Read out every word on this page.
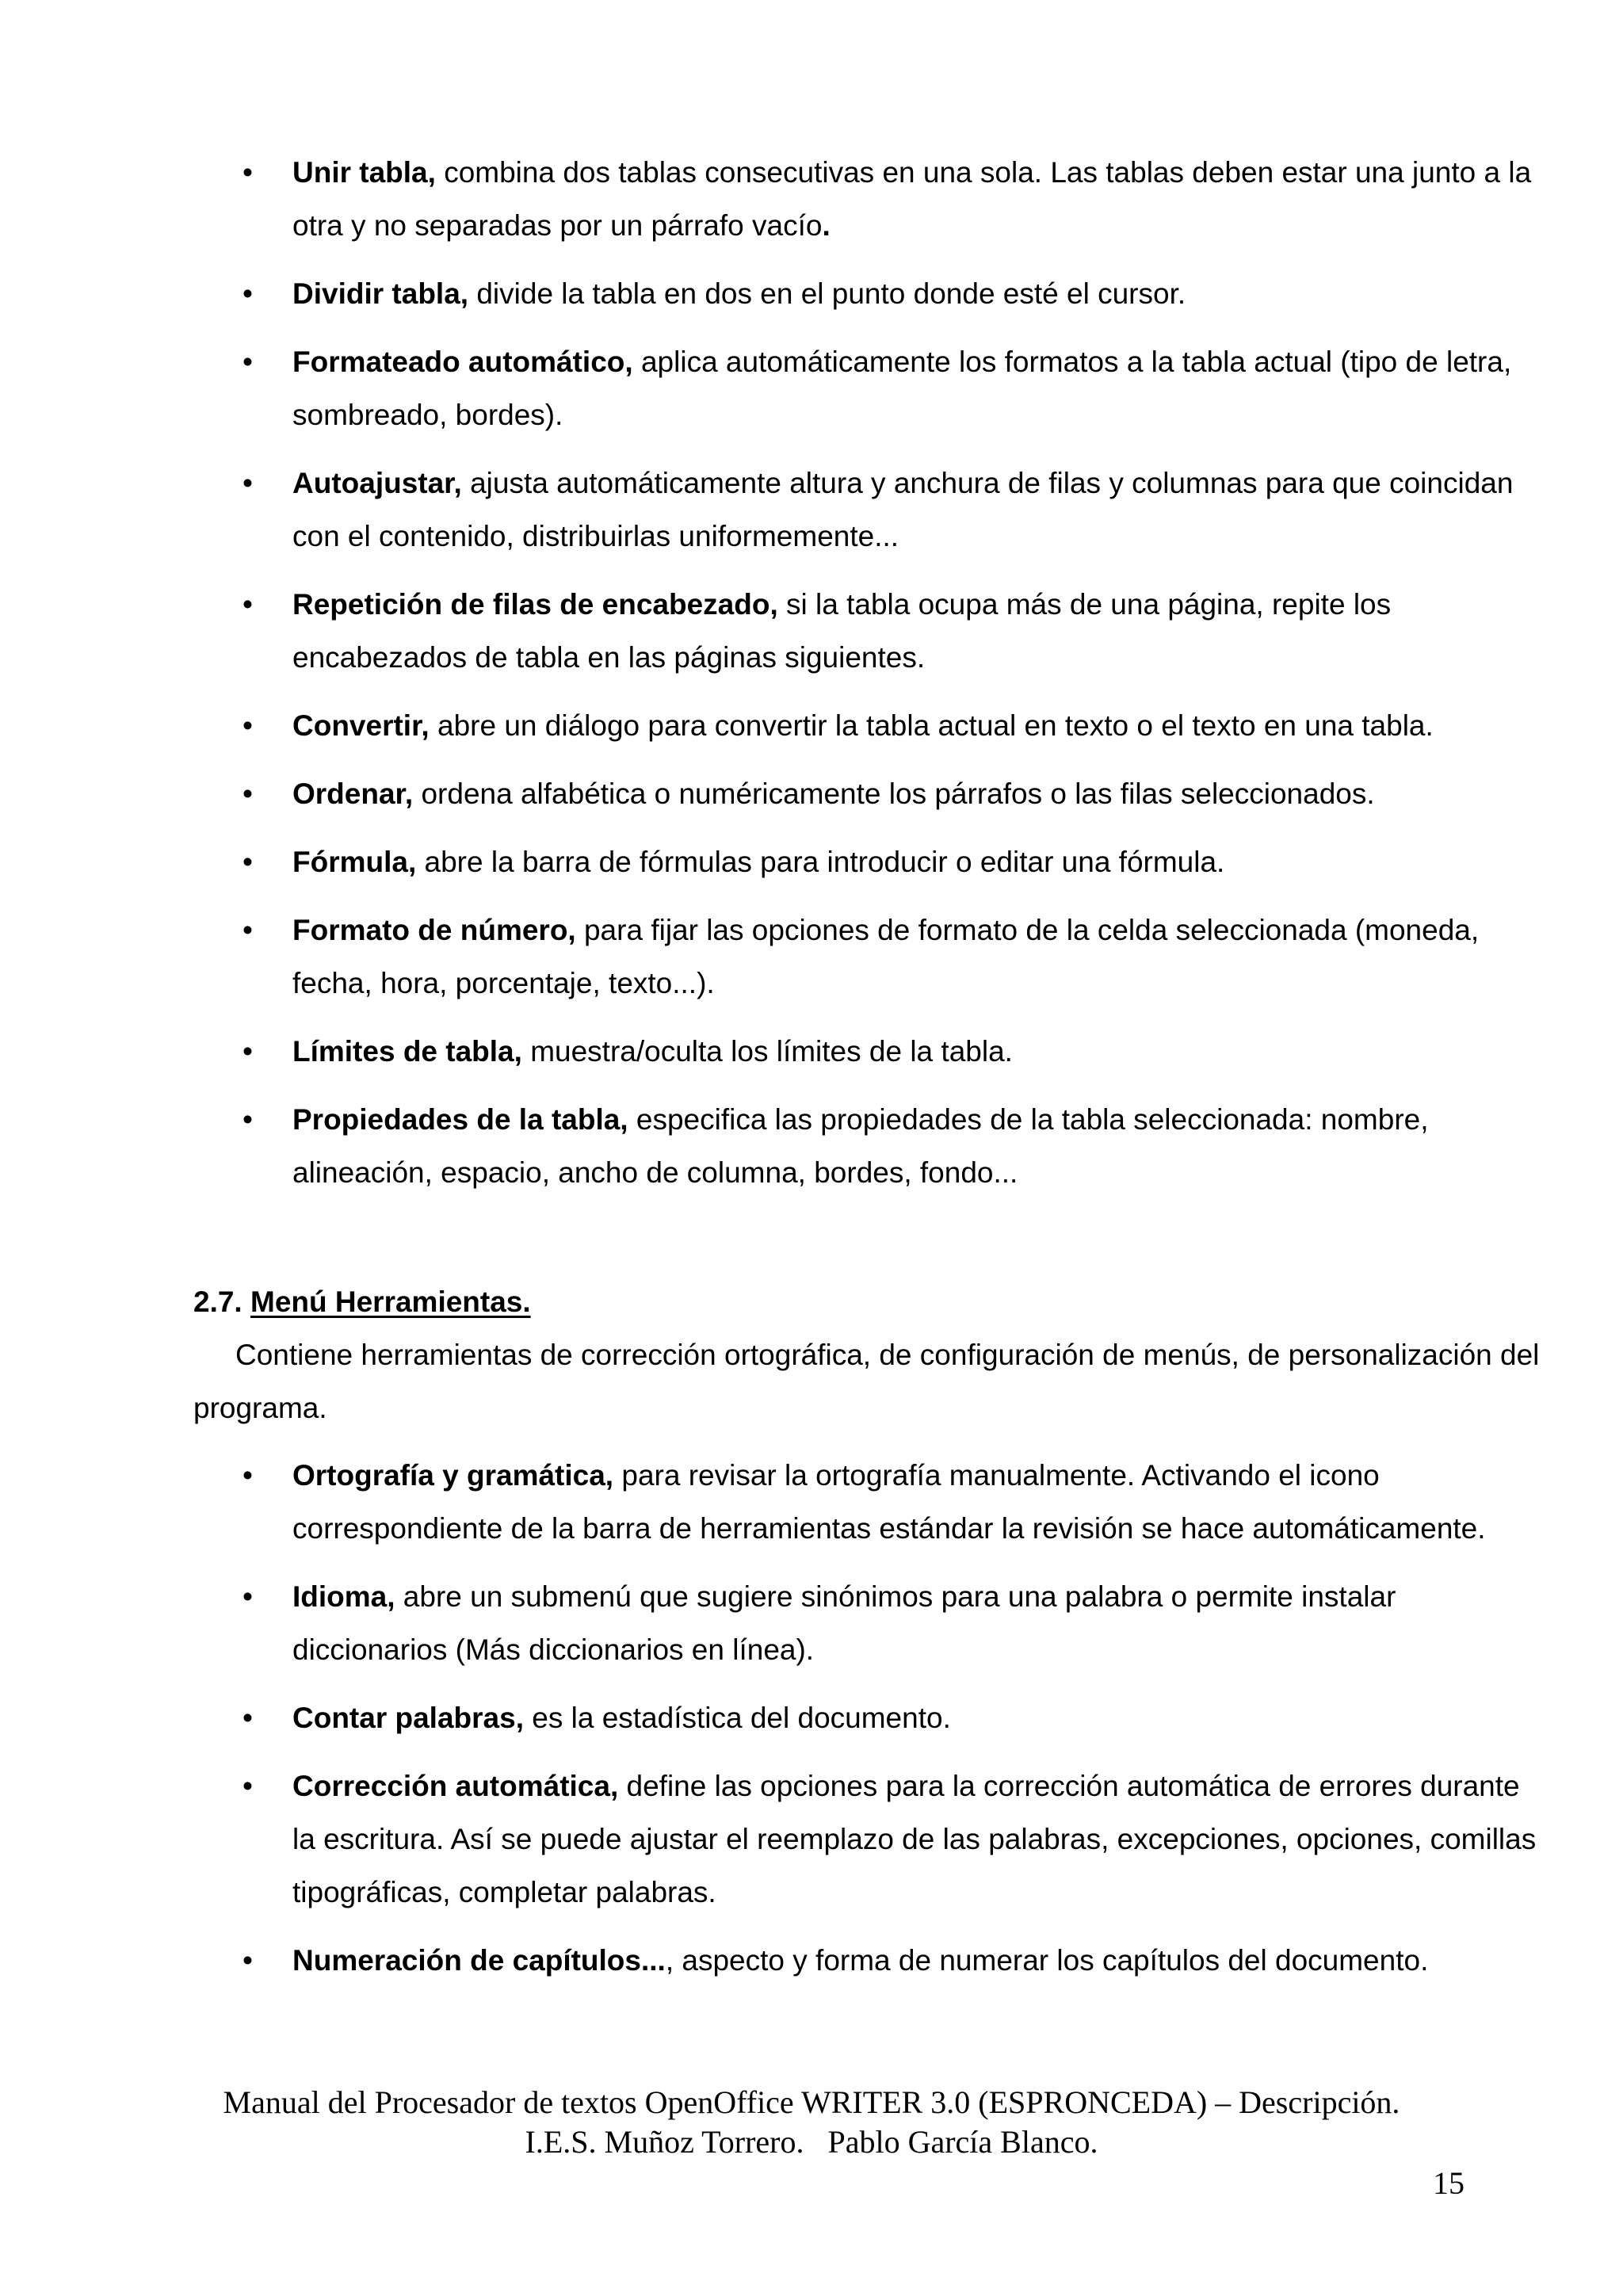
• Unir tabla, combina dos tablas consecutivas en una sola. Las tablas deben estar una junto a la otra y no separadas por un párrafo vacío.
• Dividir tabla, divide la tabla en dos en el punto donde esté el cursor.
• Formateado automático, aplica automáticamente los formatos a la tabla actual (tipo de letra, sombreado, bordes).
• Autoajustar, ajusta automáticamente altura y anchura de filas y columnas para que coincidan con el contenido, distribuirlas uniformemente...
• Repetición de filas de encabezado, si la tabla ocupa más de una página, repite los encabezados de tabla en las páginas siguientes.
• Convertir, abre un diálogo para convertir la tabla actual en texto o el texto en una tabla.
• Ordenar, ordena alfabética o numéricamente los párrafos o las filas seleccionados.
• Fórmula, abre la barra de fórmulas para introducir o editar una fórmula.
• Formato de número, para fijar las opciones de formato de la celda seleccionada (moneda, fecha, hora, porcentaje, texto...).
• Límites de tabla, muestra/oculta los límites de la tabla.
• Propiedades de la tabla, especifica las propiedades de la tabla seleccionada: nombre, alineación, espacio, ancho de columna, bordes, fondo...
2.7. Menú Herramientas.
Contiene herramientas de corrección ortográfica, de configuración de menús, de personalización del programa.
• Ortografía y gramática, para revisar la ortografía manualmente. Activando el icono correspondiente de la barra de herramientas estándar la revisión se hace automáticamente.
• Idioma, abre un submenú que sugiere sinónimos para una palabra o permite instalar diccionarios (Más diccionarios en línea).
• Contar palabras, es la estadística del documento.
• Corrección automática, define las opciones para la corrección automática de errores durante la escritura. Así se puede ajustar el reemplazo de las palabras, excepciones, opciones, comillas tipográficas, completar palabras.
• Numeración de capítulos..., aspecto y forma de numerar los capítulos del documento.
Manual del Procesador de textos OpenOffice WRITER 3.0 (ESPRONCEDA) – Descripción.
I.E.S. Muñoz Torrero.   Pablo García Blanco.
15
